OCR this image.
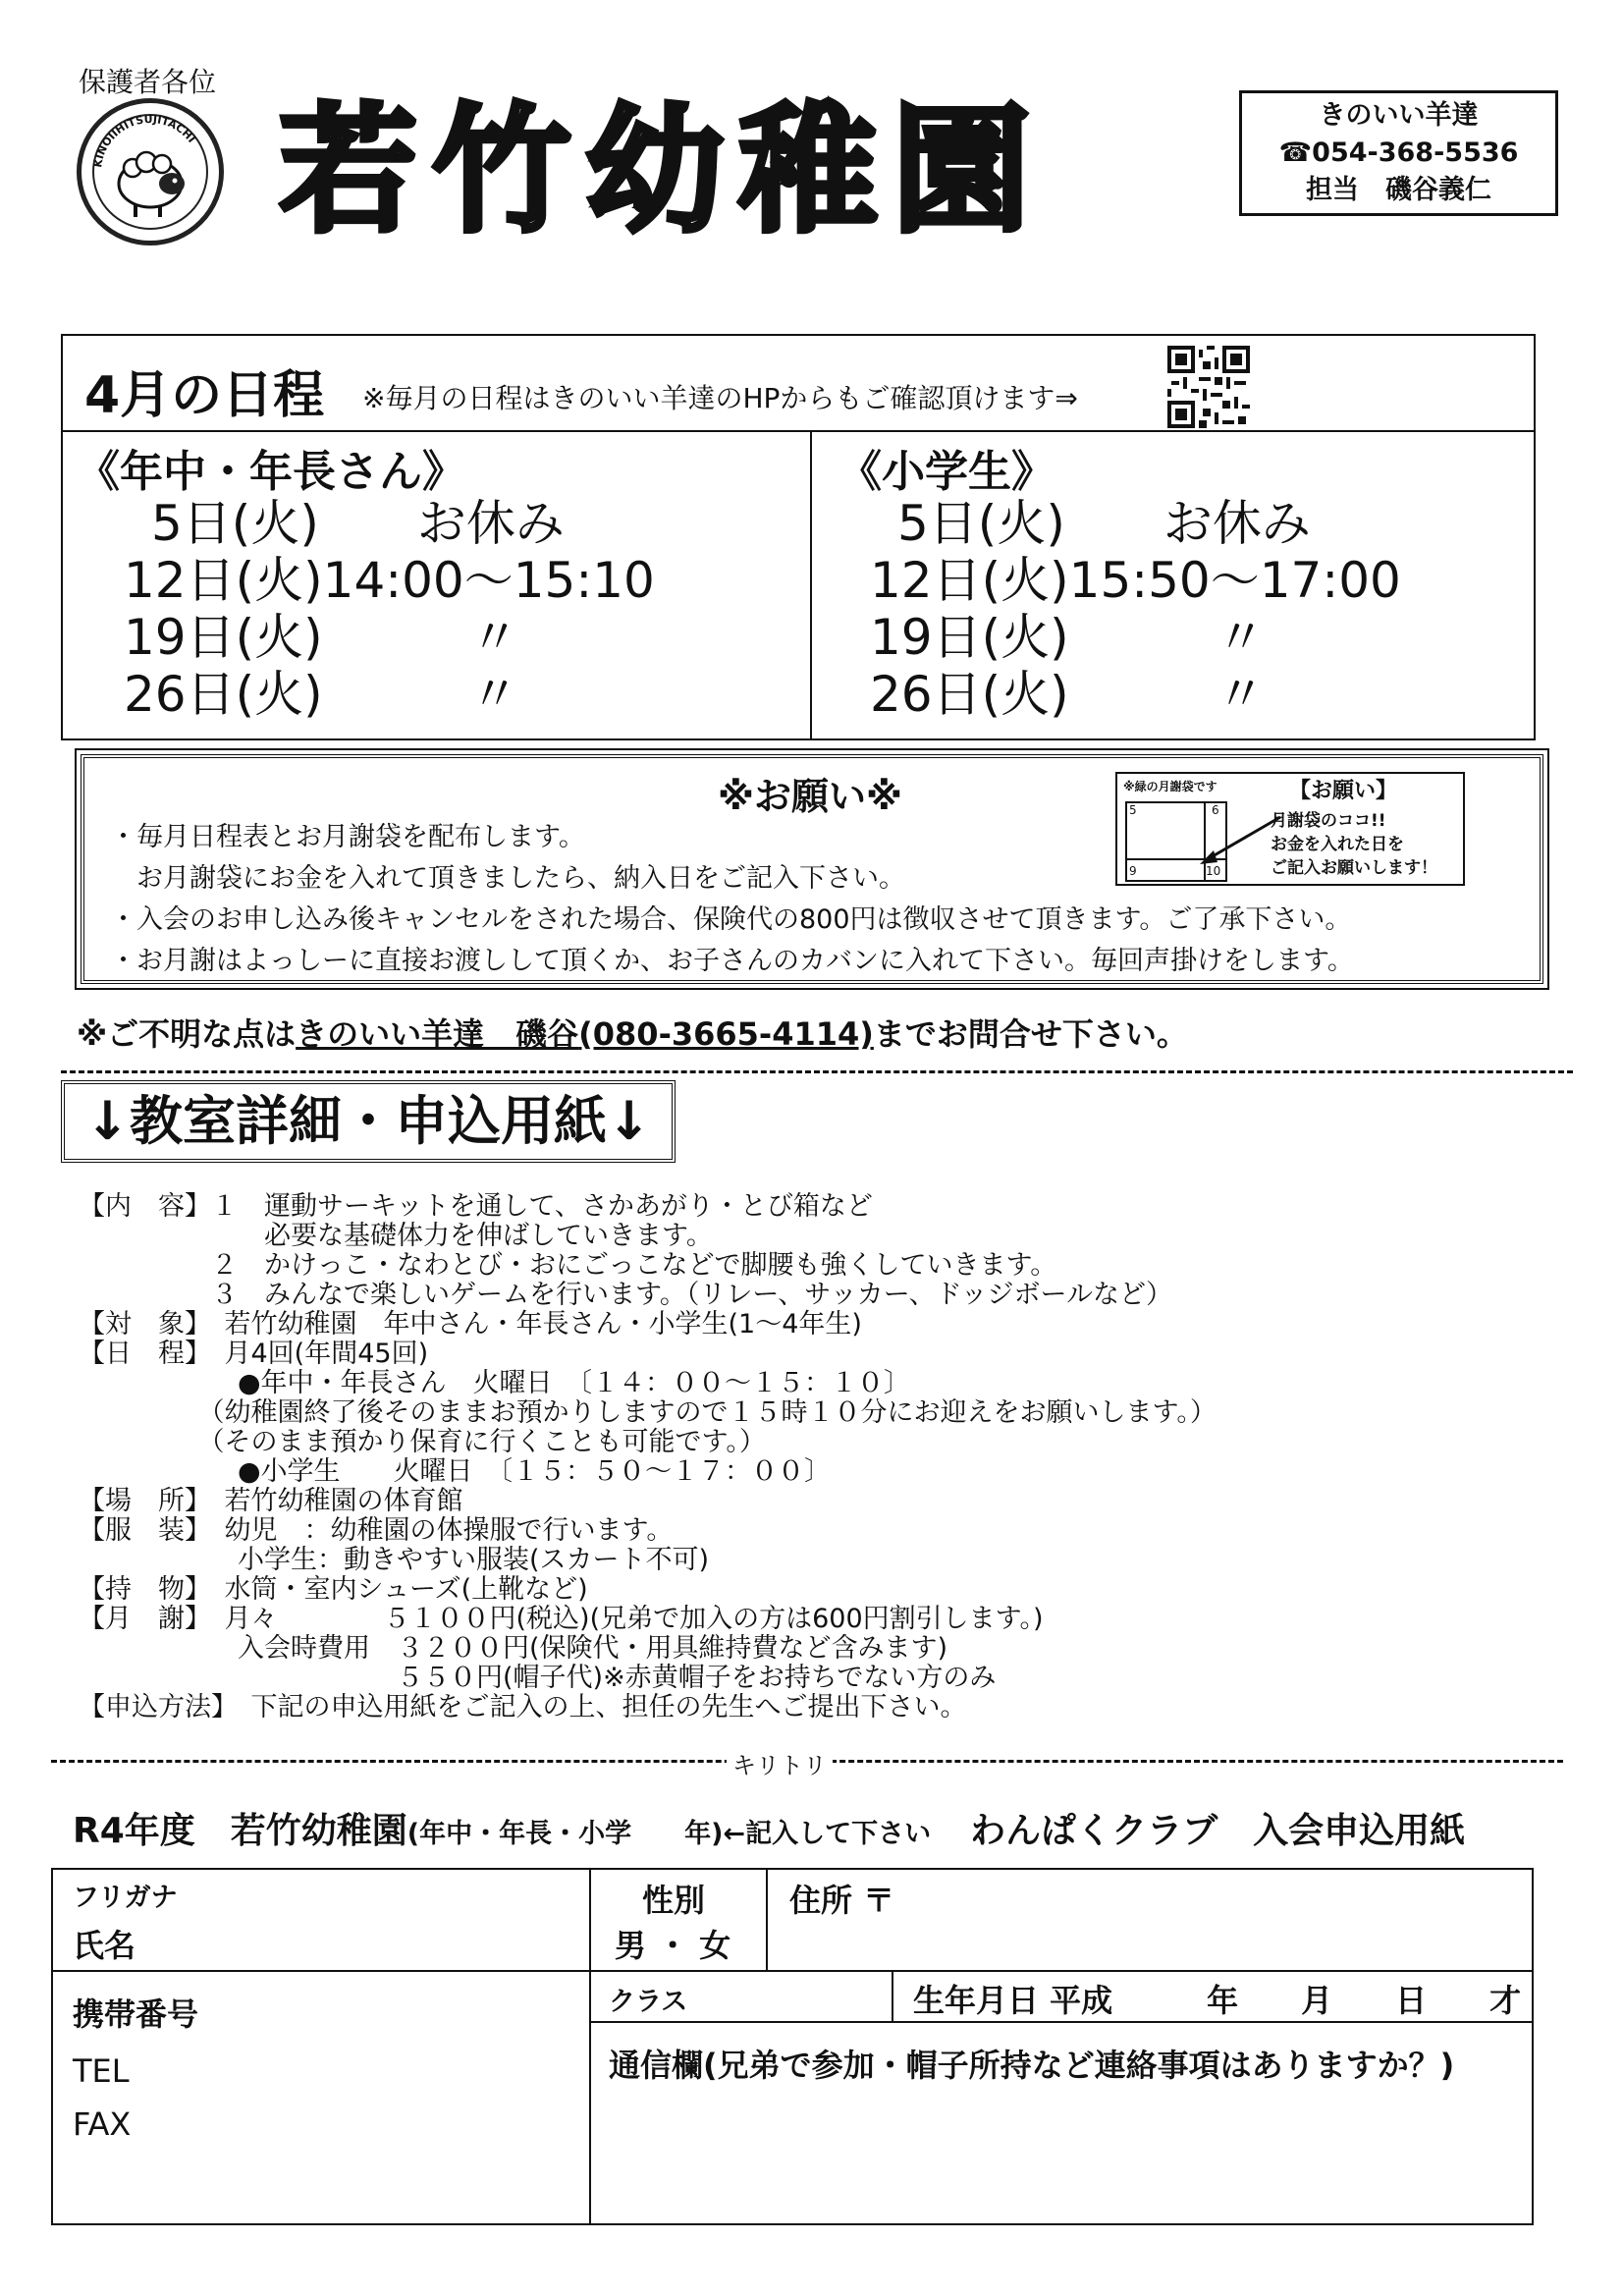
保護者各位
KINOIIHITSUJITACHI 若竹幼稚園	きのいい羊達
☎054-368-5536
担当　磯谷義仁
4月の日程 ※毎月の日程はきのいい羊達のHPからもご確認頂けます⇒
《年中・年長さん》
5日(火)　　お休み
12日(火)14:00～15:10
19日(火)　　　〃
26日(火)　　　〃
《小学生》
5日(火)　　お休み
12日(火)15:50～17:00
19日(火)　　　〃
26日(火)　　　〃
※お願い※
・毎月日程表とお月謝袋を配布します。
　お月謝袋にお金を入れて頂きましたら、納入日をご記入下さい。
・入会のお申し込み後キャンセルをされた場合、保険代の800円は徴収させて頂きます。ご了承下さい。
・お月謝はよっしーに直接お渡しして頂くか、お子さんのカバンに入れて下さい。毎回声掛けをします。
※緑の月謝袋です	【お願い】
5	6
9	10
月謝袋のココ!!
お金を入れた日を
ご記入お願いします！
※ご不明な点はきのいい羊達　磯谷(080-3665-4114)までお問合せ下さい。
↓教室詳細・申込用紙↓
【内　容】１　運動サーキットを通して、さかあがり・とび箱など
　　　　　　　必要な基礎体力を伸ばしていきます。
　　　　　２　かけっこ・なわとび・おにごっこなどで脚腰も強くしていきます。
　　　　　３　みんなで楽しいゲームを行います。（リレー、サッカー、ドッジボールなど）
【対　象】　若竹幼稚園　年中さん・年長さん・小学生(1～4年生)
【日　程】　月4回(年間45回)
　　　　　　●年中・年長さん　火曜日　〔１４：００～１５：１０〕
　　　　　（幼稚園終了後そのままお預かりしますので１５時１０分にお迎えをお願いします。）
　　　　　（そのまま預かり保育に行くことも可能です。）
　　　　　　●小学生　　火曜日　〔１５：５０～１７：００〕
【場　所】　若竹幼稚園の体育館
【服　装】　幼児　：幼稚園の体操服で行います。
　　　　　　小学生：動きやすい服装(スカート不可)
【持　物】　水筒・室内シューズ(上靴など)
【月　謝】　月々　　　　５１００円(税込)(兄弟で加入の方は600円割引します。)
　　　　　　入会時費用　３２００円(保険代・用具維持費など含みます)
　　　　　　　　　　　　５５０円(帽子代)※赤黄帽子をお持ちでない方のみ
【申込方法】　下記の申込用紙をご記入の上、担任の先生へご提出下さい。
キリトリ
R4年度　若竹幼稚園(年中・年長・小学　　年)←記入して下さい わんぱくクラブ　入会申込用紙
フリガナ
氏名
性別
男 ・ 女
住所 〒
携帯番号
TEL
FAX
クラス	生年月日 平成　　　年　　月　　日　　才
通信欄(兄弟で参加・帽子所持など連絡事項はありますか？)
